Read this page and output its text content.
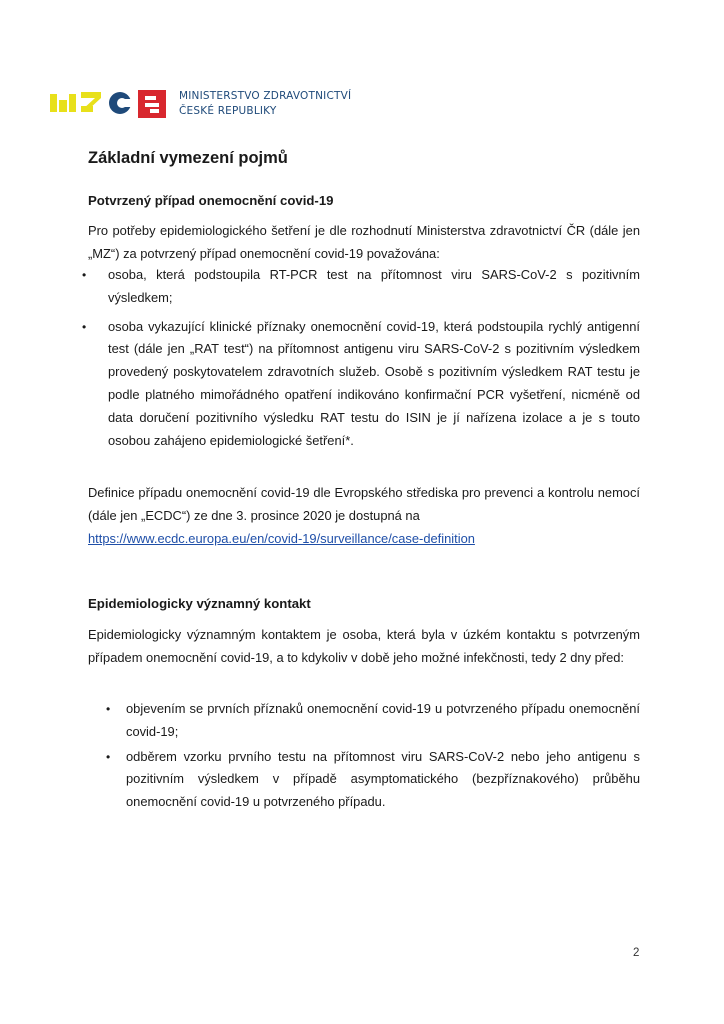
MINISTERSTVO ZDRAVOTNICTVÍ
ČESKÉ REPUBLIKY
Základní vymezení pojmů
Potvrzený případ onemocnění covid-19

Pro potřeby epidemiologického šetření je dle rozhodnutí Ministerstva zdravotnictví ČR (dále jen „MZ“) za potvrzený případ onemocnění covid-19 považována:

• osoba, která podstoupila RT-PCR test na přítomnost viru SARS-CoV-2 s pozitivním výsledkem;
• osoba vykazující klinické příznaky onemocnění covid-19, která podstoupila rychlý antigenní test (dále jen „RAT test“) na přítomnost antigenu viru SARS-CoV-2 s pozitivním výsledkem provedený poskytovatelem zdravotních služeb. Osobě s pozitivním výsledkem RAT testu je podle platného mimořádného opatření indikováno konfirmační PCR vyšetření, nicméně od data doručení pozitivního výsledku RAT testu do ISIN je jí nařízena izolace a je s touto osobou zahájeno epidemiologické šetření*.

Definice případu onemocnění covid-19 dle Evropského střediska pro prevenci a kontrolu nemocí (dále jen „ECDC“) ze dne 3. prosince 2020 je dostupná na
https://www.ecdc.europa.eu/en/covid-19/surveillance/case-definition

Epidemiologicky významný kontakt

Epidemiologicky významným kontaktem je osoba, která byla v úzkém kontaktu s potvrzeným případem onemocnění covid-19, a to kdykoliv v době jeho možné infekčnosti, tedy 2 dny před:

• objevením se prvních příznaků onemocnění covid-19 u potvrzeného případu onemocnění covid-19;
• odběrem vzorku prvního testu na přítomnost viru SARS-CoV-2 nebo jeho antigenu s pozitivním výsledkem v případě asymptomatického (bezpříznakového) průběhu onemocnění covid-19 u potvrzeného případu.
2
